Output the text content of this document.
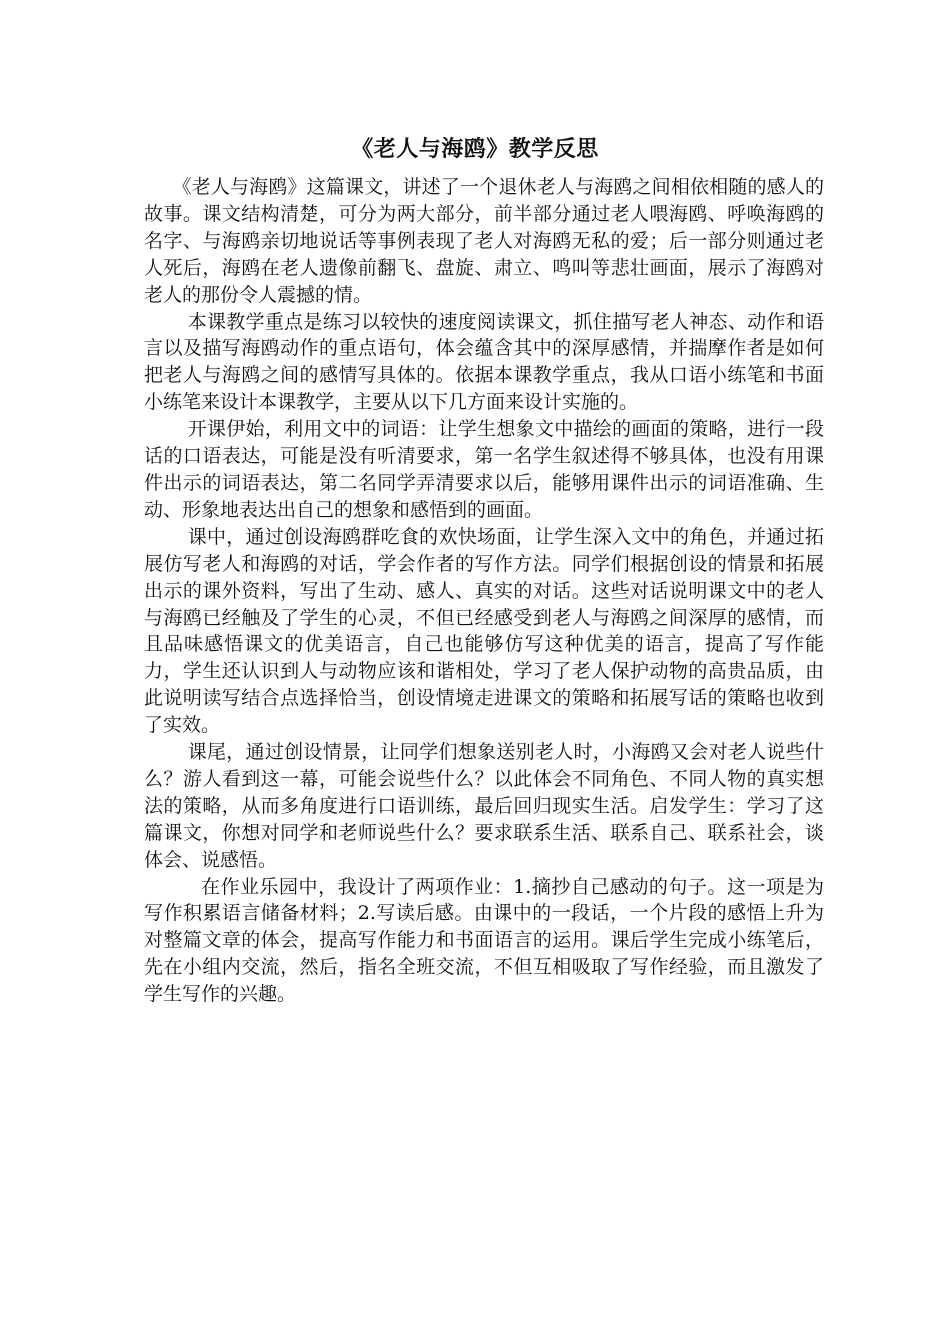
《老人与海鸥》教学反思

《老人与海鸥》这篇课文，讲述了一个退休老人与海鸥之间相依相随的感人的故事。课文结构清楚，可分为两大部分，前半部分通过老人喂海鸥、呼唤海鸥的名字、与海鸥亲切地说话等事例表现了老人对海鸥无私的爱；后一部分则通过老人死后，海鸥在老人遗像前翻飞、盘旋、肃立、鸣叫等悲壮画面，展示了海鸥对老人的那份令人震撼的情。

本课教学重点是练习以较快的速度阅读课文，抓住描写老人神态、动作和语言以及描写海鸥动作的重点语句，体会蕴含其中的深厚感情，并揣摩作者是如何把老人与海鸥之间的感情写具体的。依据本课教学重点，我从口语小练笔和书面小练笔来设计本课教学，主要从以下几方面来设计实施的。

开课伊始，利用文中的词语：让学生想象文中描绘的画面的策略，进行一段话的口语表达，可能是没有听清要求，第一名学生叙述得不够具体，也没有用课件出示的词语表达，第二名同学弄清要求以后，能够用课件出示的词语准确、生动、形象地表达出自己的想象和感悟到的画面。

课中，通过创设海鸥群吃食的欢快场面，让学生深入文中的角色，并通过拓展仿写老人和海鸥的对话，学会作者的写作方法。同学们根据创设的情景和拓展出示的课外资料，写出了生动、感人、真实的对话。这些对话说明课文中的老人与海鸥已经触及了学生的心灵，不但已经感受到老人与海鸥之间深厚的感情，而且品味感悟课文的优美语言，自己也能够仿写这种优美的语言，提高了写作能力，学生还认识到人与动物应该和谐相处，学习了老人保护动物的高贵品质，由此说明读写结合点选择恰当，创设情境走进课文的策略和拓展写话的策略也收到了实效。

课尾，通过创设情景，让同学们想象送别老人时，小海鸥又会对老人说些什么？游人看到这一幕，可能会说些什么？以此体会不同角色、不同人物的真实想法的策略，从而多角度进行口语训练，最后回归现实生活。启发学生：学习了这篇课文，你想对同学和老师说些什么？要求联系生活、联系自己、联系社会，谈体会、说感悟。

在作业乐园中，我设计了两项作业：1.摘抄自己感动的句子。这一项是为写作积累语言储备材料；2.写读后感。由课中的一段话，一个片段的感悟上升为对整篇文章的体会，提高写作能力和书面语言的运用。课后学生完成小练笔后，先在小组内交流，然后，指名全班交流，不但互相吸取了写作经验，而且激发了学生写作的兴趣。
